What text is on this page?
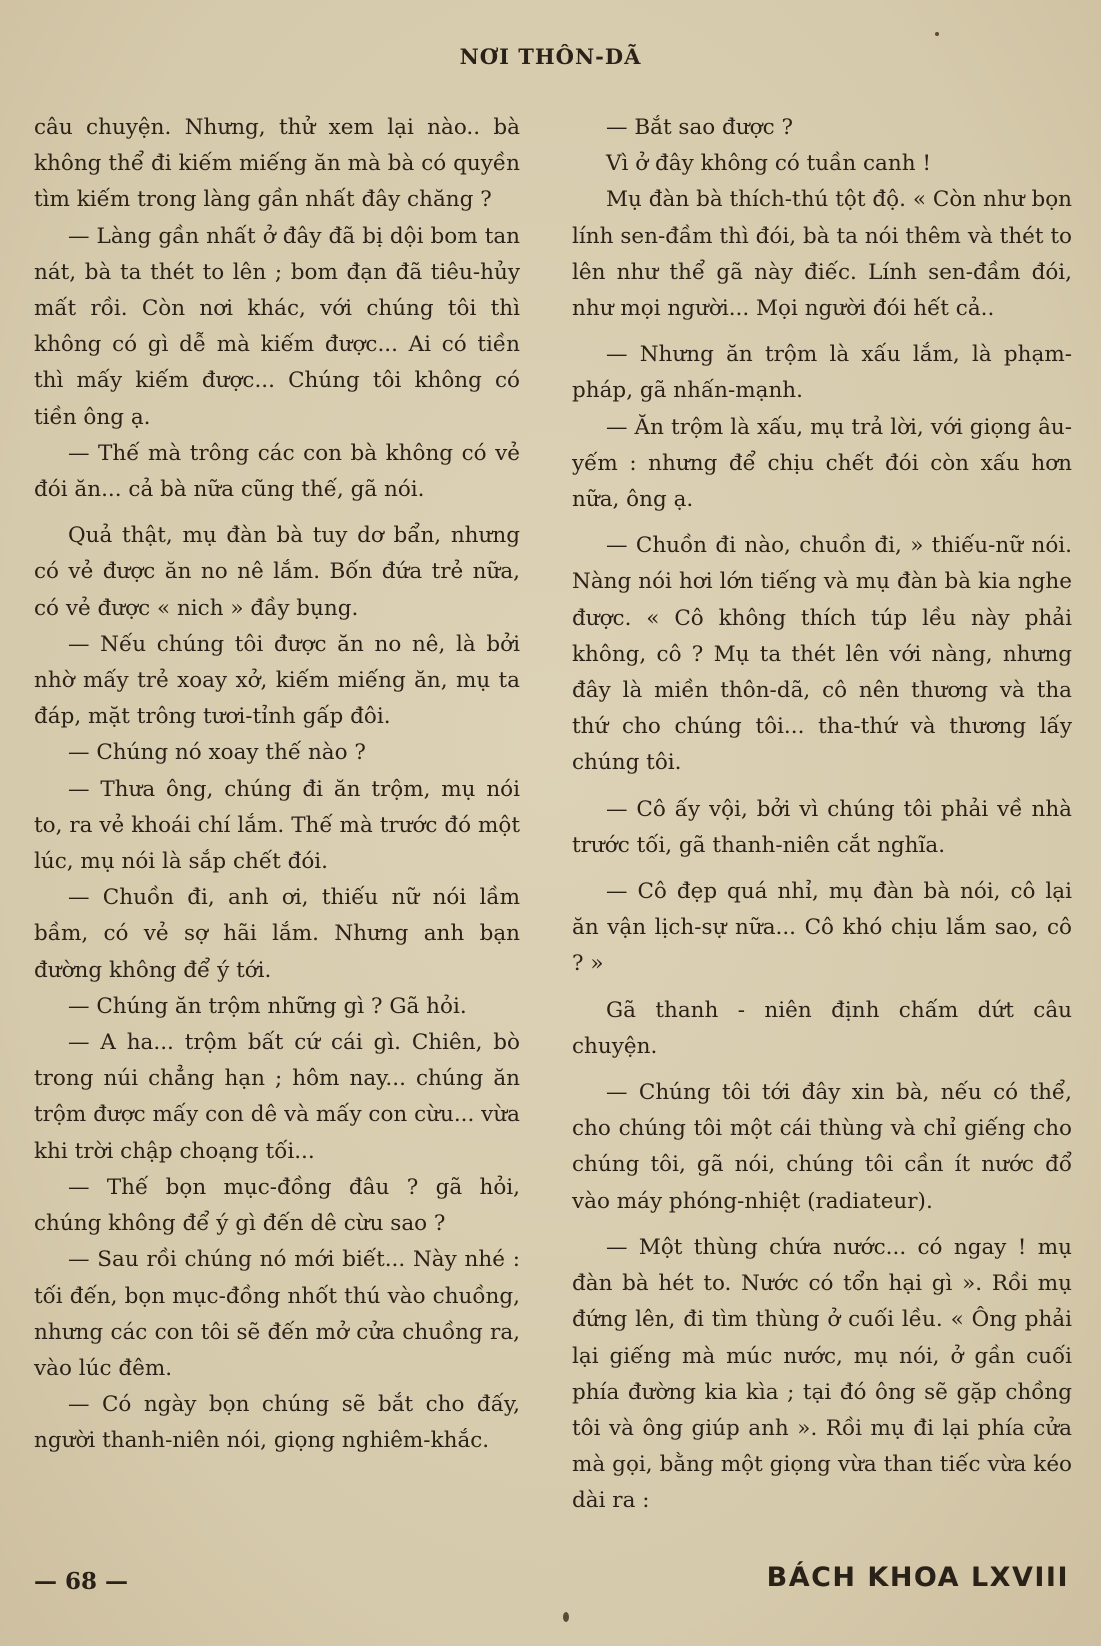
NƠI THÔN-DÃ

câu chuyện. Nhưng, thử xem lại nào.. bà không thể đi kiếm miếng ăn mà bà có quyền tìm kiếm trong làng gần nhất đây chăng ?

— Làng gần nhất ở đây đã bị dội bom tan nát, bà ta thét to lên ; bom đạn đã tiêu-hủy mất rồi. Còn nơi khác, với chúng tôi thì không có gì dễ mà kiếm được... Ai có tiền thì mấy kiếm được... Chúng tôi không có tiền ông ạ.

— Thế mà trông các con bà không có vẻ đói ăn... cả bà nữa cũng thế, gã nói.

Quả thật, mụ đàn bà tuy dơ bẩn, nhưng có vẻ được ăn no nê lắm. Bốn đứa trẻ nữa, có vẻ được « nich » đầy bụng.

— Nếu chúng tôi được ăn no nê, là bởi nhờ mấy trẻ xoay xở, kiếm miếng ăn, mụ ta đáp, mặt trông tươi-tỉnh gấp đôi.

— Chúng nó xoay thế nào ?

— Thưa ông, chúng đi ăn trộm, mụ nói to, ra vẻ khoái chí lắm. Thế mà trước đó một lúc, mụ nói là sắp chết đói.

— Chuồn đi, anh ơi, thiếu nữ nói lầm bầm, có vẻ sợ hãi lắm. Nhưng anh bạn đường không để ý tới.

— Chúng ăn trộm những gì ? Gã hỏi.

— A ha... trộm bất cứ cái gì. Chiên, bò trong núi chẳng hạn ; hôm nay... chúng ăn trộm được mấy con dê và mấy con cừu... vừa khi trời chập choạng tối...

— Thế bọn mục-đồng đâu ? gã hỏi, chúng không để ý gì đến dê cừu sao ?

— Sau rồi chúng nó mới biết... Này nhé : tối đến, bọn mục-đồng nhốt thú vào chuồng, nhưng các con tôi sẽ đến mở cửa chuồng ra, vào lúc đêm.

— Có ngày bọn chúng sẽ bắt cho đấy, người thanh-niên nói, giọng nghiêm-khắc.

— Bắt sao được ?

Vì ở đây không có tuần canh !

Mụ đàn bà thích-thú tột độ. « Còn như bọn lính sen-đầm thì đói, bà ta nói thêm và thét to lên như thể gã này điếc. Lính sen-đầm đói, như mọi người... Mọi người đói hết cả..

— Nhưng ăn trộm là xấu lắm, là phạm-pháp, gã nhấn-mạnh.

— Ăn trộm là xấu, mụ trả lời, với giọng âu-yếm : nhưng để chịu chết đói còn xấu hơn nữa, ông ạ.

— Chuồn đi nào, chuồn đi, » thiếu-nữ nói. Nàng nói hơi lớn tiếng và mụ đàn bà kia nghe được. « Cô không thích túp lều này phải không, cô ? Mụ ta thét lên với nàng, nhưng đây là miền thôn-dã, cô nên thương và tha thứ cho chúng tôi... tha-thứ và thương lấy chúng tôi.

— Cô ấy vội, bởi vì chúng tôi phải về nhà trước tối, gã thanh-niên cắt nghĩa.

— Cô đẹp quá nhỉ, mụ đàn bà nói, cô lại ăn vận lịch-sự nữa... Cô khó chịu lắm sao, cô ? »

Gã thanh - niên định chấm dứt câu chuyện.

— Chúng tôi tới đây xin bà, nếu có thể, cho chúng tôi một cái thùng và chỉ giếng cho chúng tôi, gã nói, chúng tôi cần ít nước đổ vào máy phóng-nhiệt (radiateur).

— Một thùng chứa nước... có ngay ! mụ đàn bà hét to. Nước có tổn hại gì ». Rồi mụ đứng lên, đi tìm thùng ở cuối lều. « Ông phải lại giếng mà múc nước, mụ nói, ở gần cuối phía đường kia kìa ; tại đó ông sẽ gặp chồng tôi và ông giúp anh ». Rồi mụ đi lại phía cửa mà gọi, bằng một giọng vừa than tiếc vừa kéo dài ra :

— 68 —	BÁCH KHOA LXVIII
